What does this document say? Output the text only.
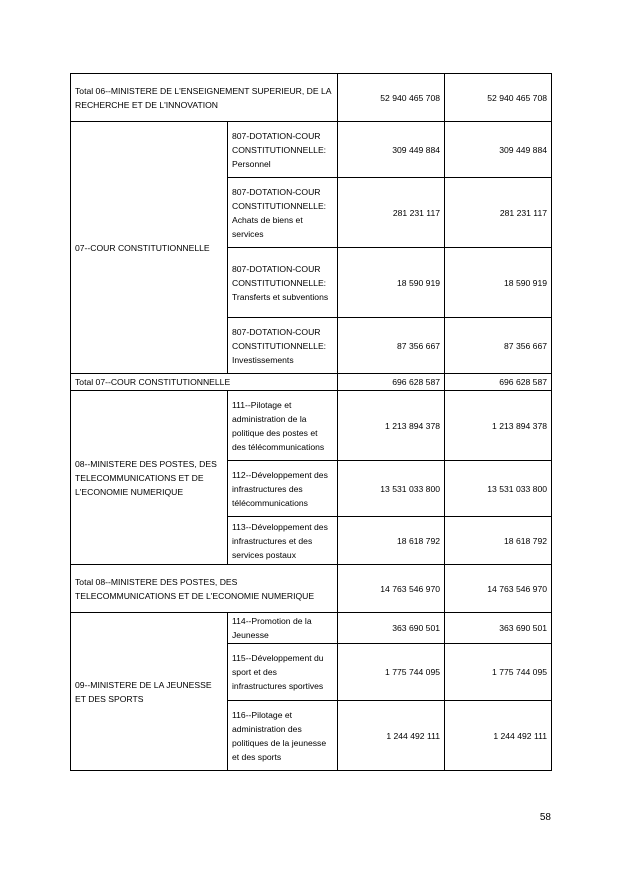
Total 06--MINISTERE DE L'ENSEIGNEMENT SUPERIEUR, DE LA RECHERCHE ET DE L'INNOVATION		52 940 465 708	52 940 465 708
07--COUR CONSTITUTIONNELLE	807-DOTATION-COUR CONSTITUTIONNELLE: Personnel	309 449 884	309 449 884
	807-DOTATION-COUR CONSTITUTIONNELLE: Achats de biens et services	281 231 117	281 231 117
	807-DOTATION-COUR CONSTITUTIONNELLE: Transferts et subventions	18 590 919	18 590 919
	807-DOTATION-COUR CONSTITUTIONNELLE: Investissements	87 356 667	87 356 667
Total 07--COUR CONSTITUTIONNELLE		696 628 587	696 628 587
08--MINISTERE DES POSTES, DES TELECOMMUNICATIONS ET DE L'ECONOMIE NUMERIQUE	111--Pilotage et administration de la politique des postes et des télécommunications	1 213 894 378	1 213 894 378
	112--Développement des infrastructures des télécommunications	13 531 033 800	13 531 033 800
	113--Développement des infrastructures et des services postaux	18 618 792	18 618 792
Total 08--MINISTERE DES POSTES, DES TELECOMMUNICATIONS ET DE L'ECONOMIE NUMERIQUE		14 763 546 970	14 763 546 970
09--MINISTERE DE LA JEUNESSE ET DES SPORTS	114--Promotion de la Jeunesse	363 690 501	363 690 501
	115--Développement du sport et des infrastructures sportives	1 775 744 095	1 775 744 095
	116--Pilotage et administration des politiques de la jeunesse et des sports	1 244 492 111	1 244 492 111
58
